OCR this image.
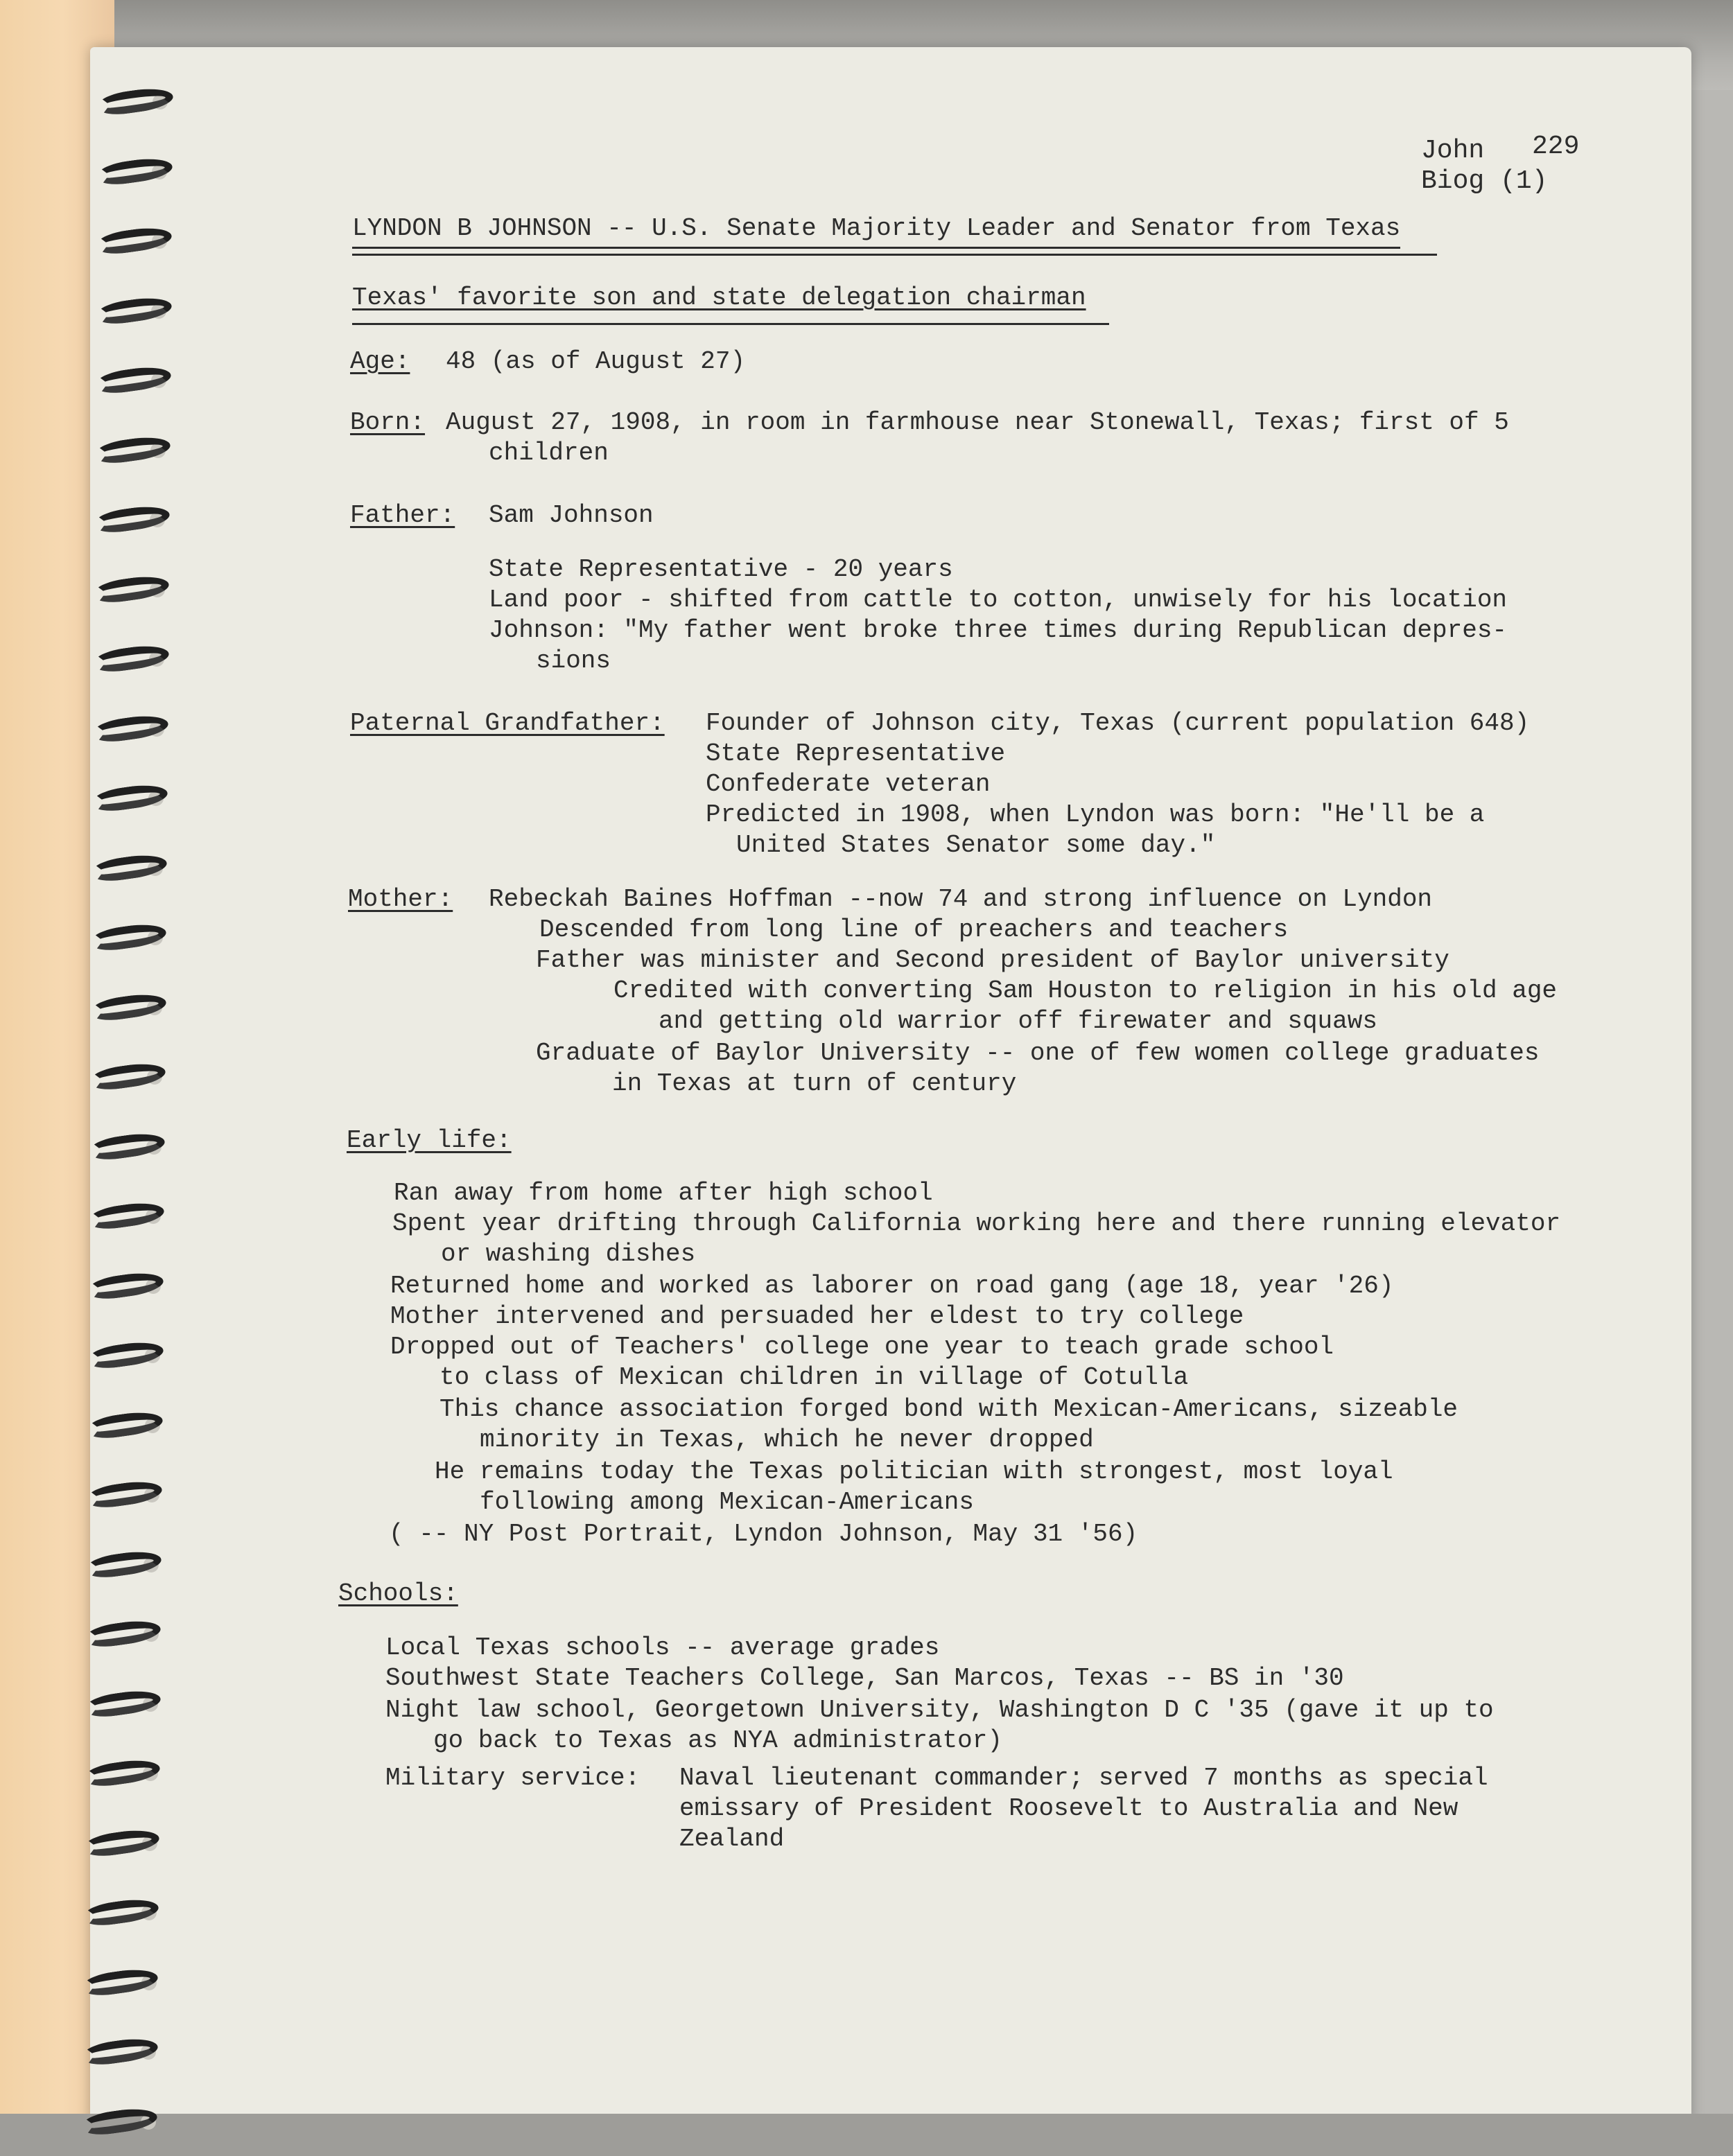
John 229
Biog (1)
LYNDON B JOHNSON -- U.S. Senate Majority Leader and Senator from Texas
Texas' favorite son and state delegation chairman
Age: 48 (as of August 27)
Born: August 27, 1908, in room in farmhouse near Stonewall, Texas; first of 5
children
Father: Sam Johnson
State Representative - 20 years
Land poor - shifted from cattle to cotton, unwisely for his location
Johnson: "My father went broke three times during Republican depres-
sions
Paternal Grandfather: Founder of Johnson city, Texas (current population 648)
State Representative
Confederate veteran
Predicted in 1908, when Lyndon was born: "He'll be a
United States Senator some day."
Mother: Rebeckah Baines Hoffman --now 74 and strong influence on Lyndon
Descended from long line of preachers and teachers
Father was minister and Second president of Baylor university
Credited with converting Sam Houston to religion in his old age
and getting old warrior off firewater and squaws
Graduate of Baylor University -- one of few women college graduates
in Texas at turn of century
Early life:
Ran away from home after high school
Spent year drifting through California working here and there running elevator
or washing dishes
Returned home and worked as laborer on road gang (age 18, year '26)
Mother intervened and persuaded her eldest to try college
Dropped out of Teachers' college one year to teach grade school
to class of Mexican children in village of Cotulla
This chance association forged bond with Mexican-Americans, sizeable
minority in Texas, which he never dropped
He remains today the Texas politician with strongest, most loyal
following among Mexican-Americans
( -- NY Post Portrait, Lyndon Johnson, May 31 '56)
Schools:
Local Texas schools -- average grades
Southwest State Teachers College, San Marcos, Texas -- BS in '30
Night law school, Georgetown University, Washington D C '35 (gave it up to
go back to Texas as NYA administrator)
Military service: Naval lieutenant commander; served 7 months as special
emissary of President Roosevelt to Australia and New
Zealand
